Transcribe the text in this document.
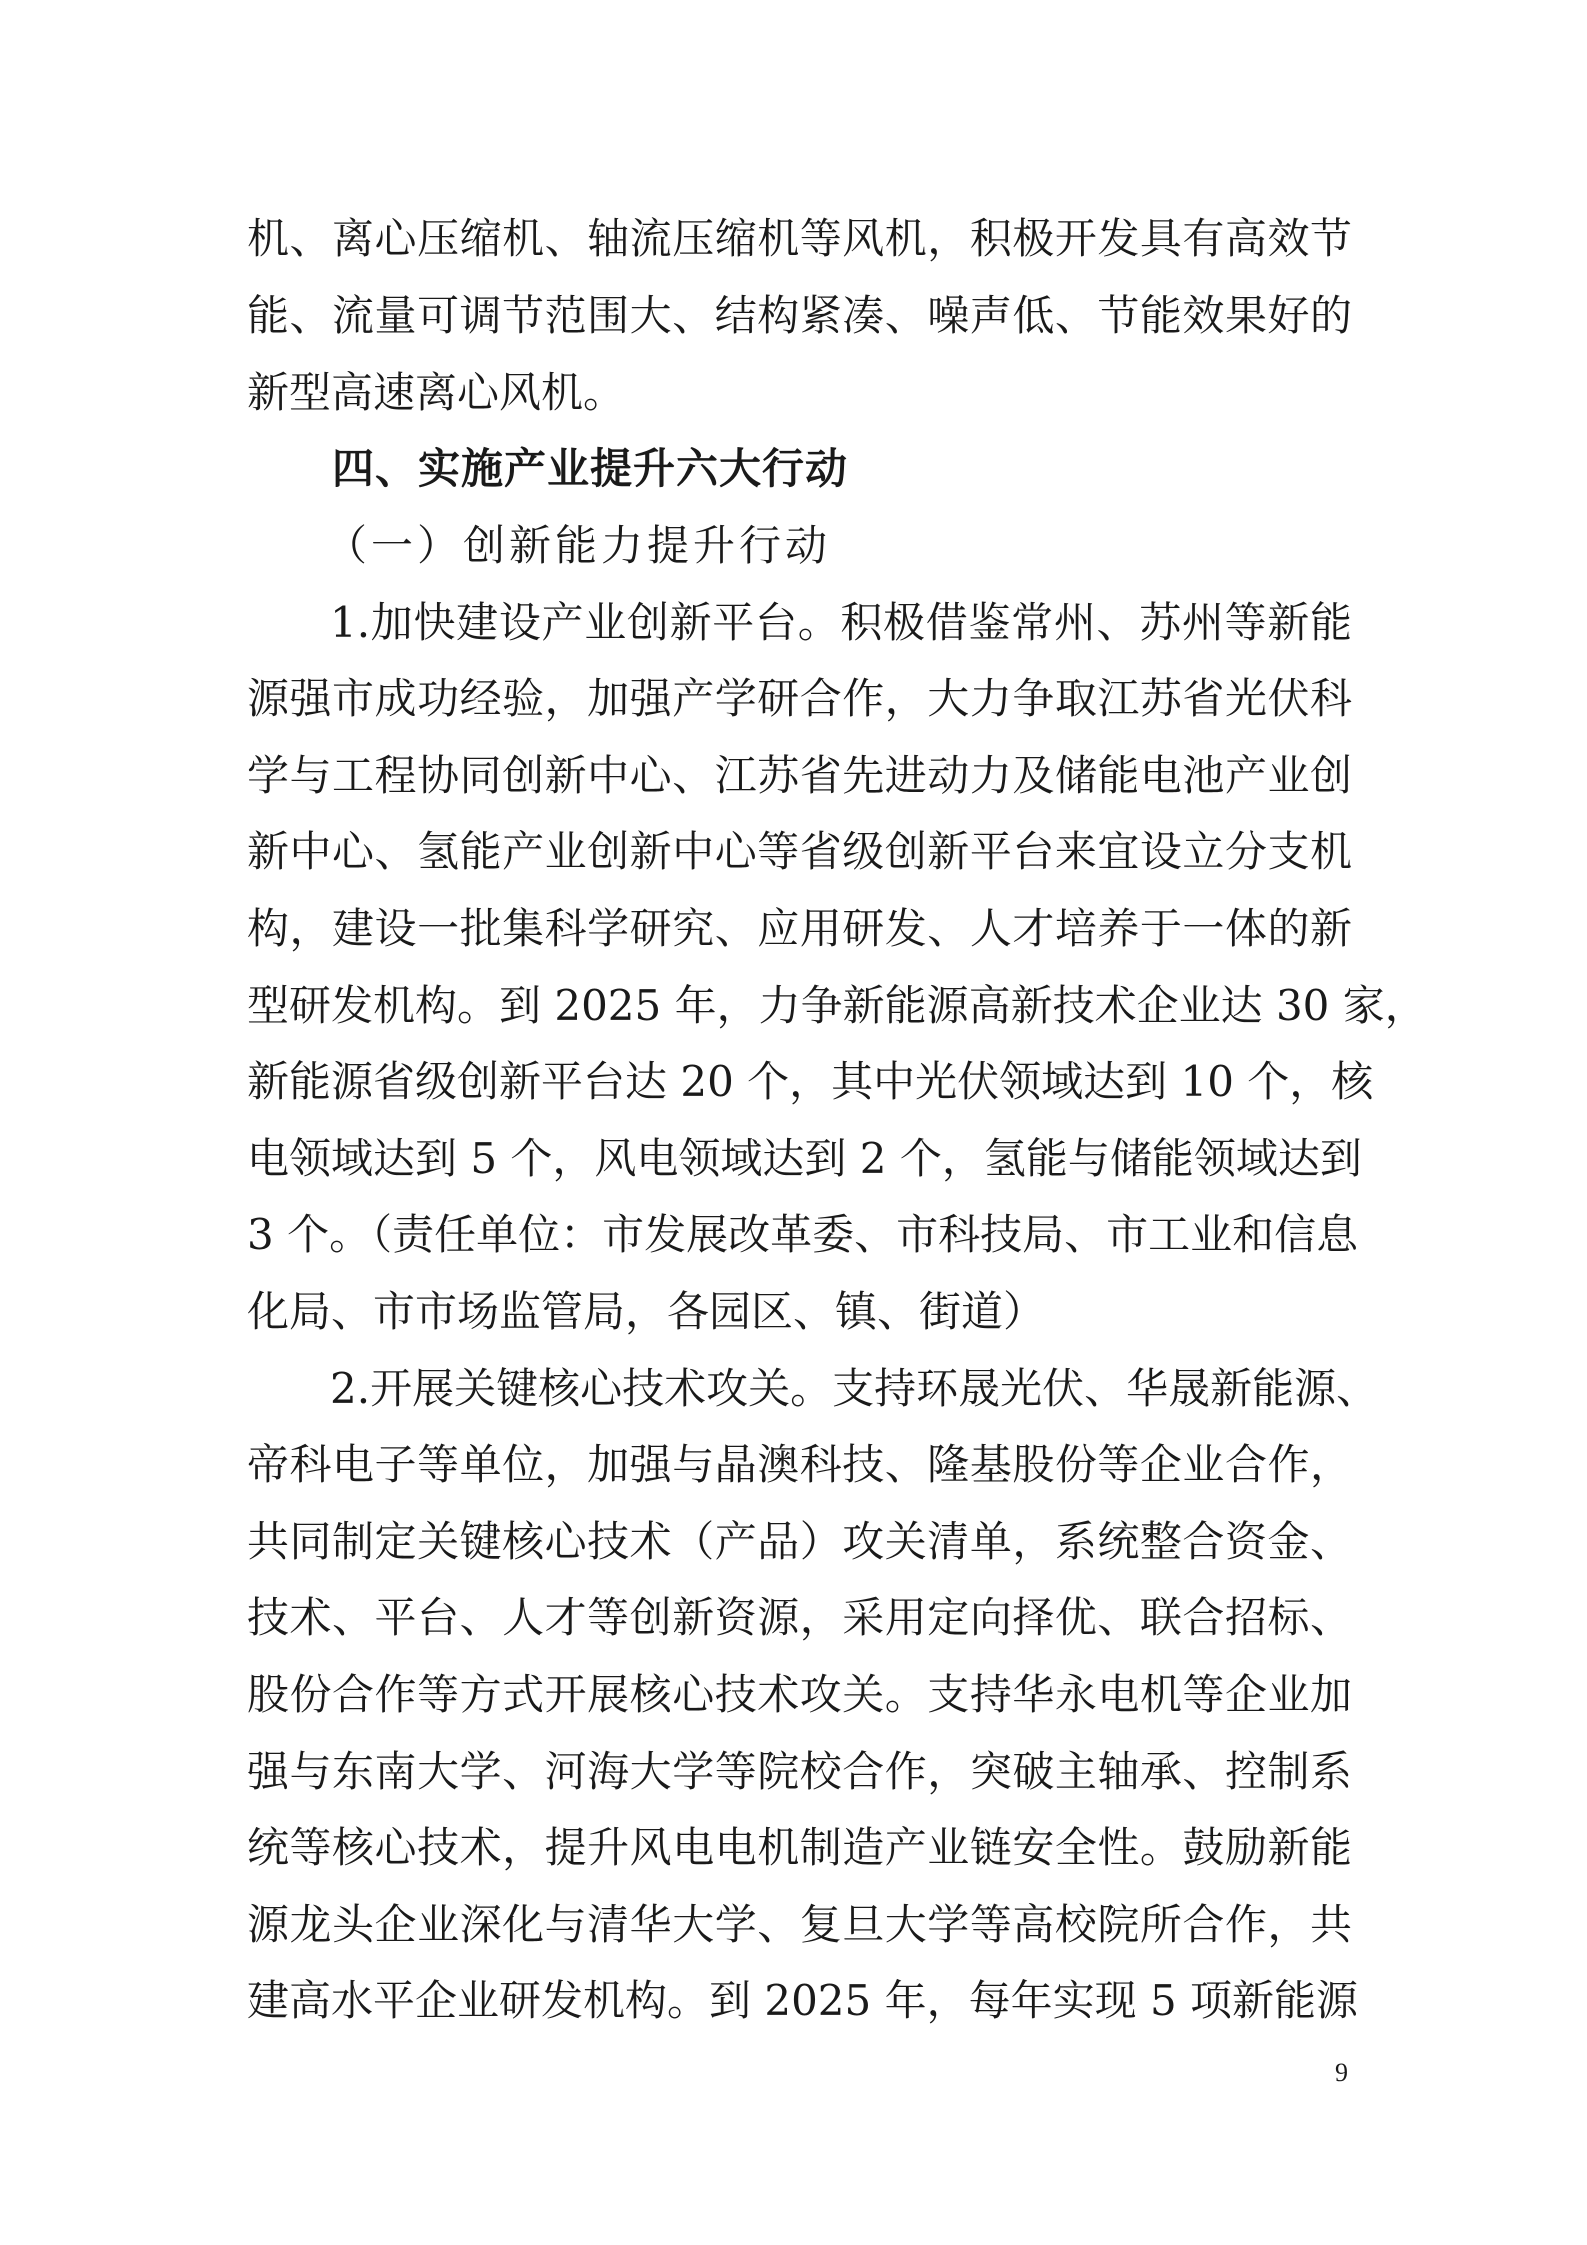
机、离心压缩机、轴流压缩机等风机，积极开发具有高效节
能、流量可调节范围大、结构紧凑、噪声低、节能效果好的
新型高速离心风机。
四、实施产业提升六大行动
（一）创新能力提升行动
1.加快建设产业创新平台。积极借鉴常州、苏州等新能
源强市成功经验，加强产学研合作，大力争取江苏省光伏科
学与工程协同创新中心、江苏省先进动力及储能电池产业创
新中心、氢能产业创新中心等省级创新平台来宜设立分支机
构，建设一批集科学研究、应用研发、人才培养于一体的新
型研发机构。到 2025 年，力争新能源高新技术企业达 30 家，
新能源省级创新平台达 20 个，其中光伏领域达到 10 个，核
电领域达到 5 个，风电领域达到 2 个，氢能与储能领域达到
3 个。（责任单位：市发展改革委、市科技局、市工业和信息
化局、市市场监管局，各园区、镇、街道）
2.开展关键核心技术攻关。支持环晟光伏、华晟新能源、
帝科电子等单位，加强与晶澳科技、隆基股份等企业合作，
共同制定关键核心技术（产品）攻关清单，系统整合资金、
技术、平台、人才等创新资源，采用定向择优、联合招标、
股份合作等方式开展核心技术攻关。支持华永电机等企业加
强与东南大学、河海大学等院校合作，突破主轴承、控制系
统等核心技术，提升风电电机制造产业链安全性。鼓励新能
源龙头企业深化与清华大学、复旦大学等高校院所合作，共
建高水平企业研发机构。到 2025 年，每年实现 5 项新能源
9
